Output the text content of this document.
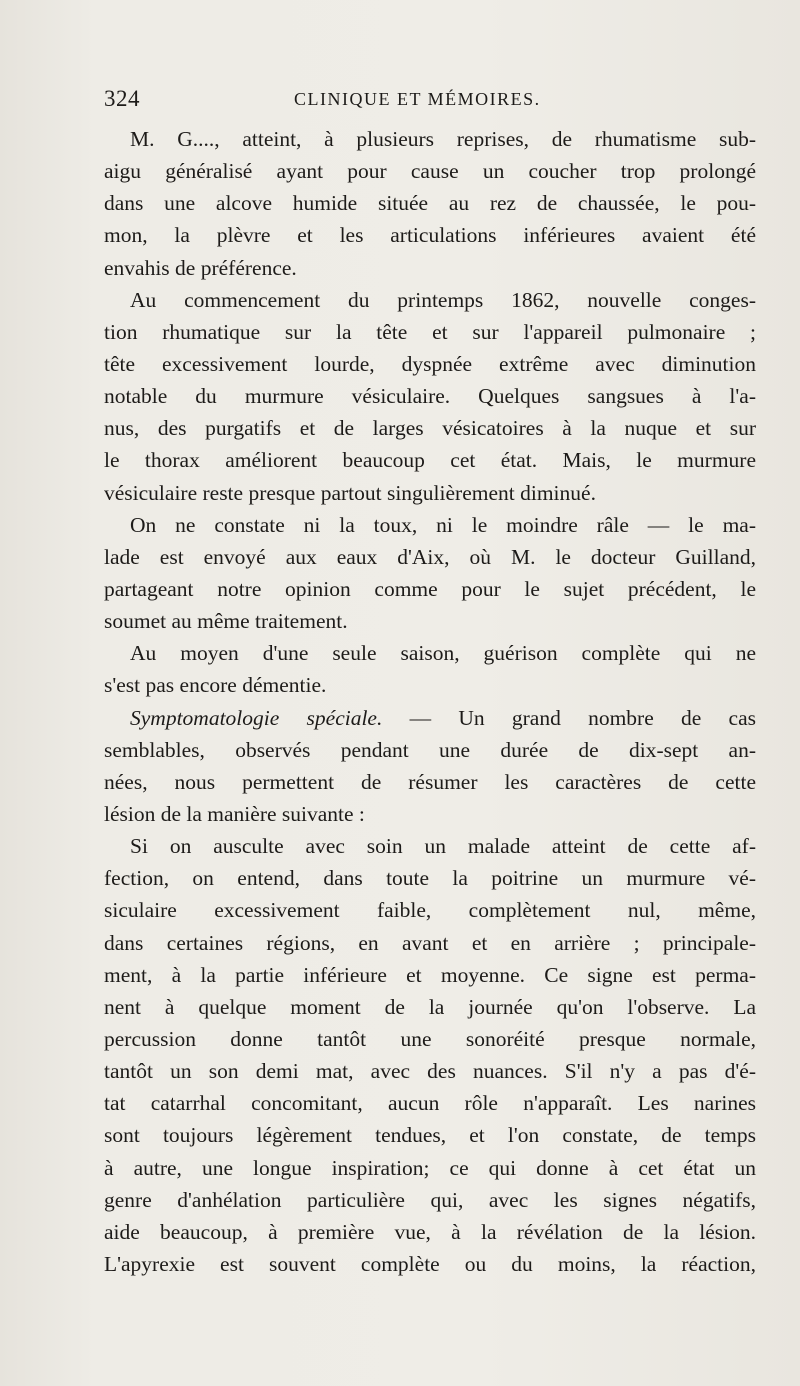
324	CLINIQUE ET MÉMOIRES.
M. G...., atteint, à plusieurs reprises, de rhumatisme sub-
aigu généralisé ayant pour cause un coucher trop prolongé
dans une alcove humide située au rez de chaussée, le pou-
mon, la plèvre et les articulations inférieures avaient été
envahis de préférence.
Au commencement du printemps 1862, nouvelle conges-
tion rhumatique sur la tête et sur l'appareil pulmonaire ;
tête excessivement lourde, dyspnée extrême avec diminution
notable du murmure vésiculaire. Quelques sangsues à l'a-
nus, des purgatifs et de larges vésicatoires à la nuque et sur
le thorax améliorent beaucoup cet état. Mais, le murmure
vésiculaire reste presque partout singulièrement diminué.
On ne constate ni la toux, ni le moindre râle — le ma-
lade est envoyé aux eaux d'Aix, où M. le docteur Guilland,
partageant notre opinion comme pour le sujet précédent, le
soumet au même traitement.
Au moyen d'une seule saison, guérison complète qui ne
s'est pas encore démentie.
Symptomatologie spéciale. — Un grand nombre de cas
semblables, observés pendant une durée de dix-sept an-
nées, nous permettent de résumer les caractères de cette
lésion de la manière suivante :
Si on ausculte avec soin un malade atteint de cette af-
fection, on entend, dans toute la poitrine un murmure vé-
siculaire excessivement faible, complètement nul, même,
dans certaines régions, en avant et en arrière ; principale-
ment, à la partie inférieure et moyenne. Ce signe est perma-
nent à quelque moment de la journée qu'on l'observe. La
percussion donne tantôt une sonoréité presque normale,
tantôt un son demi mat, avec des nuances. S'il n'y a pas d'é-
tat catarrhal concomitant, aucun rôle n'apparaît. Les narines
sont toujours légèrement tendues, et l'on constate, de temps
à autre, une longue inspiration; ce qui donne à cet état un
genre d'anhélation particulière qui, avec les signes négatifs,
aide beaucoup, à première vue, à la révélation de la lésion.
L'apyrexie est souvent complète ou du moins, la réaction,
